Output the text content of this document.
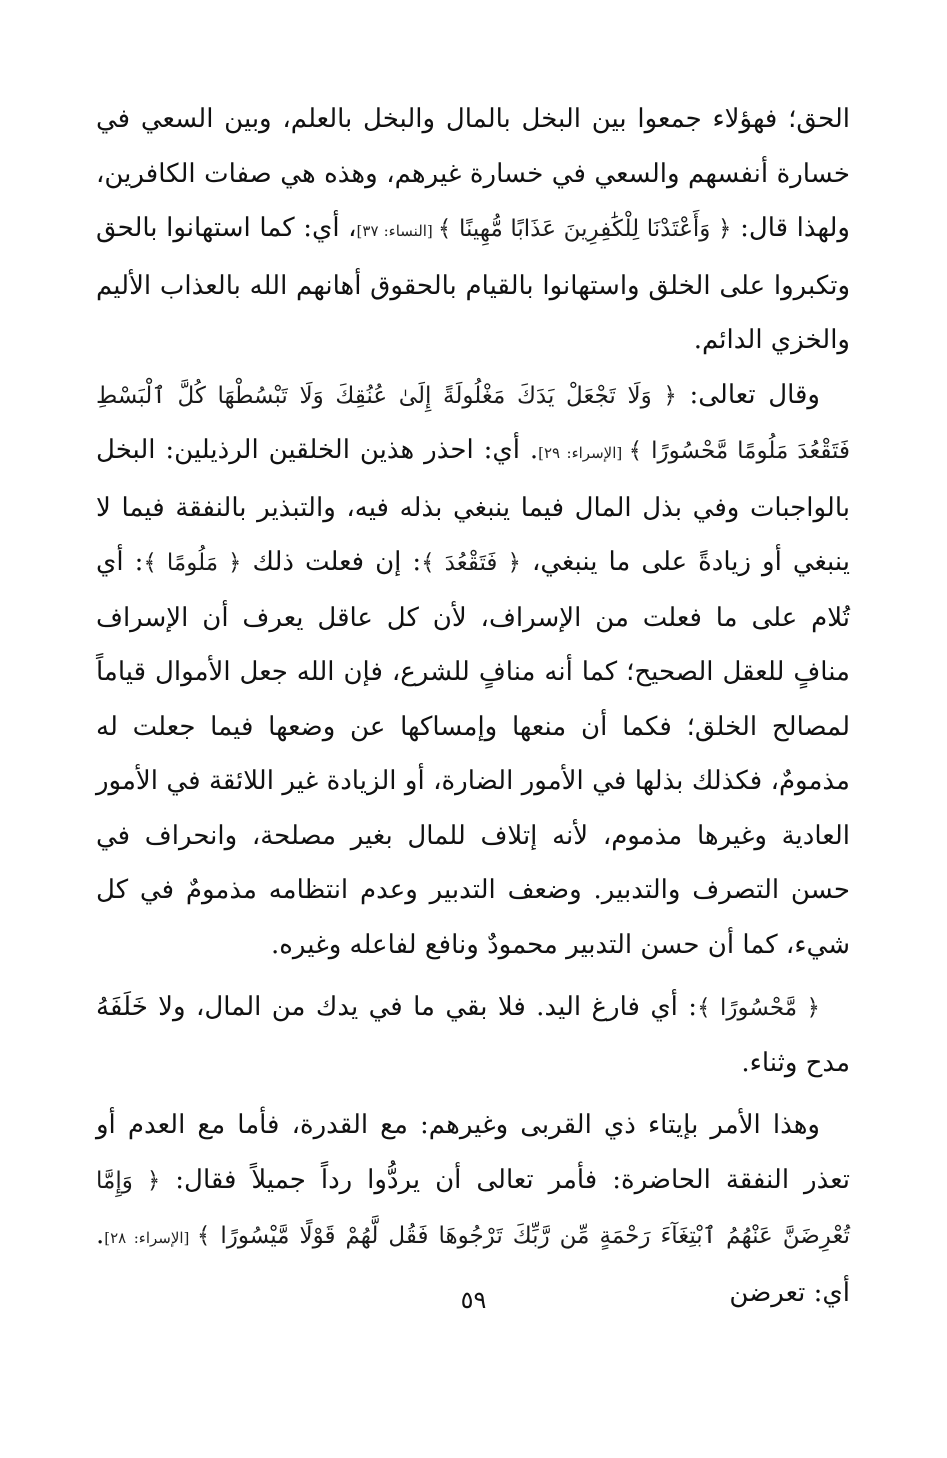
الحق؛ فهؤلاء جمعوا بين البخل بالمال والبخل بالعلم، وبين السعي في خسارة أنفسهم والسعي في خسارة غيرهم، وهذه هي صفات الكافرين، ولهذا قال: ﴿ وَأَعْتَدْنَا لِلْكَٰفِرِينَ عَذَابًا مُّهِينًا ﴾ [النساء: ٣٧]، أي: كما استهانوا بالحق وتكبروا على الخلق واستهانوا بالقيام بالحقوق أهانهم الله بالعذاب الأليم والخزي الدائم.

وقال تعالى: ﴿ وَلَا تَجْعَلْ يَدَكَ مَغْلُولَةً إِلَىٰ عُنُقِكَ وَلَا تَبْسُطْهَا كُلَّ ٱلْبَسْطِ فَتَقْعُدَ مَلُومًا مَّحْسُورًا ﴾ [الإسراء: ٢٩]. أي: احذر هذين الخلقين الرذيلين: البخل بالواجبات وفي بذل المال فيما ينبغي بذله فيه، والتبذير بالنفقة فيما لا ينبغي أو زيادةً على ما ينبغي، ﴿ فَتَقْعُدَ ﴾: إن فعلت ذلك ﴿ مَلُومًا ﴾: أي تُلام على ما فعلت من الإسراف، لأن كل عاقل يعرف أن الإسراف منافٍ للعقل الصحيح؛ كما أنه منافٍ للشرع، فإن الله جعل الأموال قياماً لمصالح الخلق؛ فكما أن منعها وإمساكها عن وضعها فيما جعلت له مذمومٌ، فكذلك بذلها في الأمور الضارة، أو الزيادة غير اللائقة في الأمور العادية وغيرها مذموم، لأنه إتلاف للمال بغير مصلحة، وانحراف في حسن التصرف والتدبير. وضعف التدبير وعدم انتظامه مذمومٌ في كل شيء، كما أن حسن التدبير محمودٌ ونافع لفاعله وغيره.

﴿ مَّحْسُورًا ﴾: أي فارغ اليد. فلا بقي ما في يدك من المال، ولا خَلَفَهُ مدح وثناء.

وهذا الأمر بإيتاء ذي القربى وغيرهم: مع القدرة، فأما مع العدم أو تعذر النفقة الحاضرة: فأمر تعالى أن يردُّوا رداً جميلاً فقال: ﴿ وَإِمَّا تُعْرِضَنَّ عَنْهُمُ ٱبْتِغَآءَ رَحْمَةٍ مِّن رَّبِّكَ تَرْجُوهَا فَقُل لَّهُمْ قَوْلًا مَّيْسُورًا ﴾ [الإسراء: ٢٨]. أي: تعرضن

٥٩
